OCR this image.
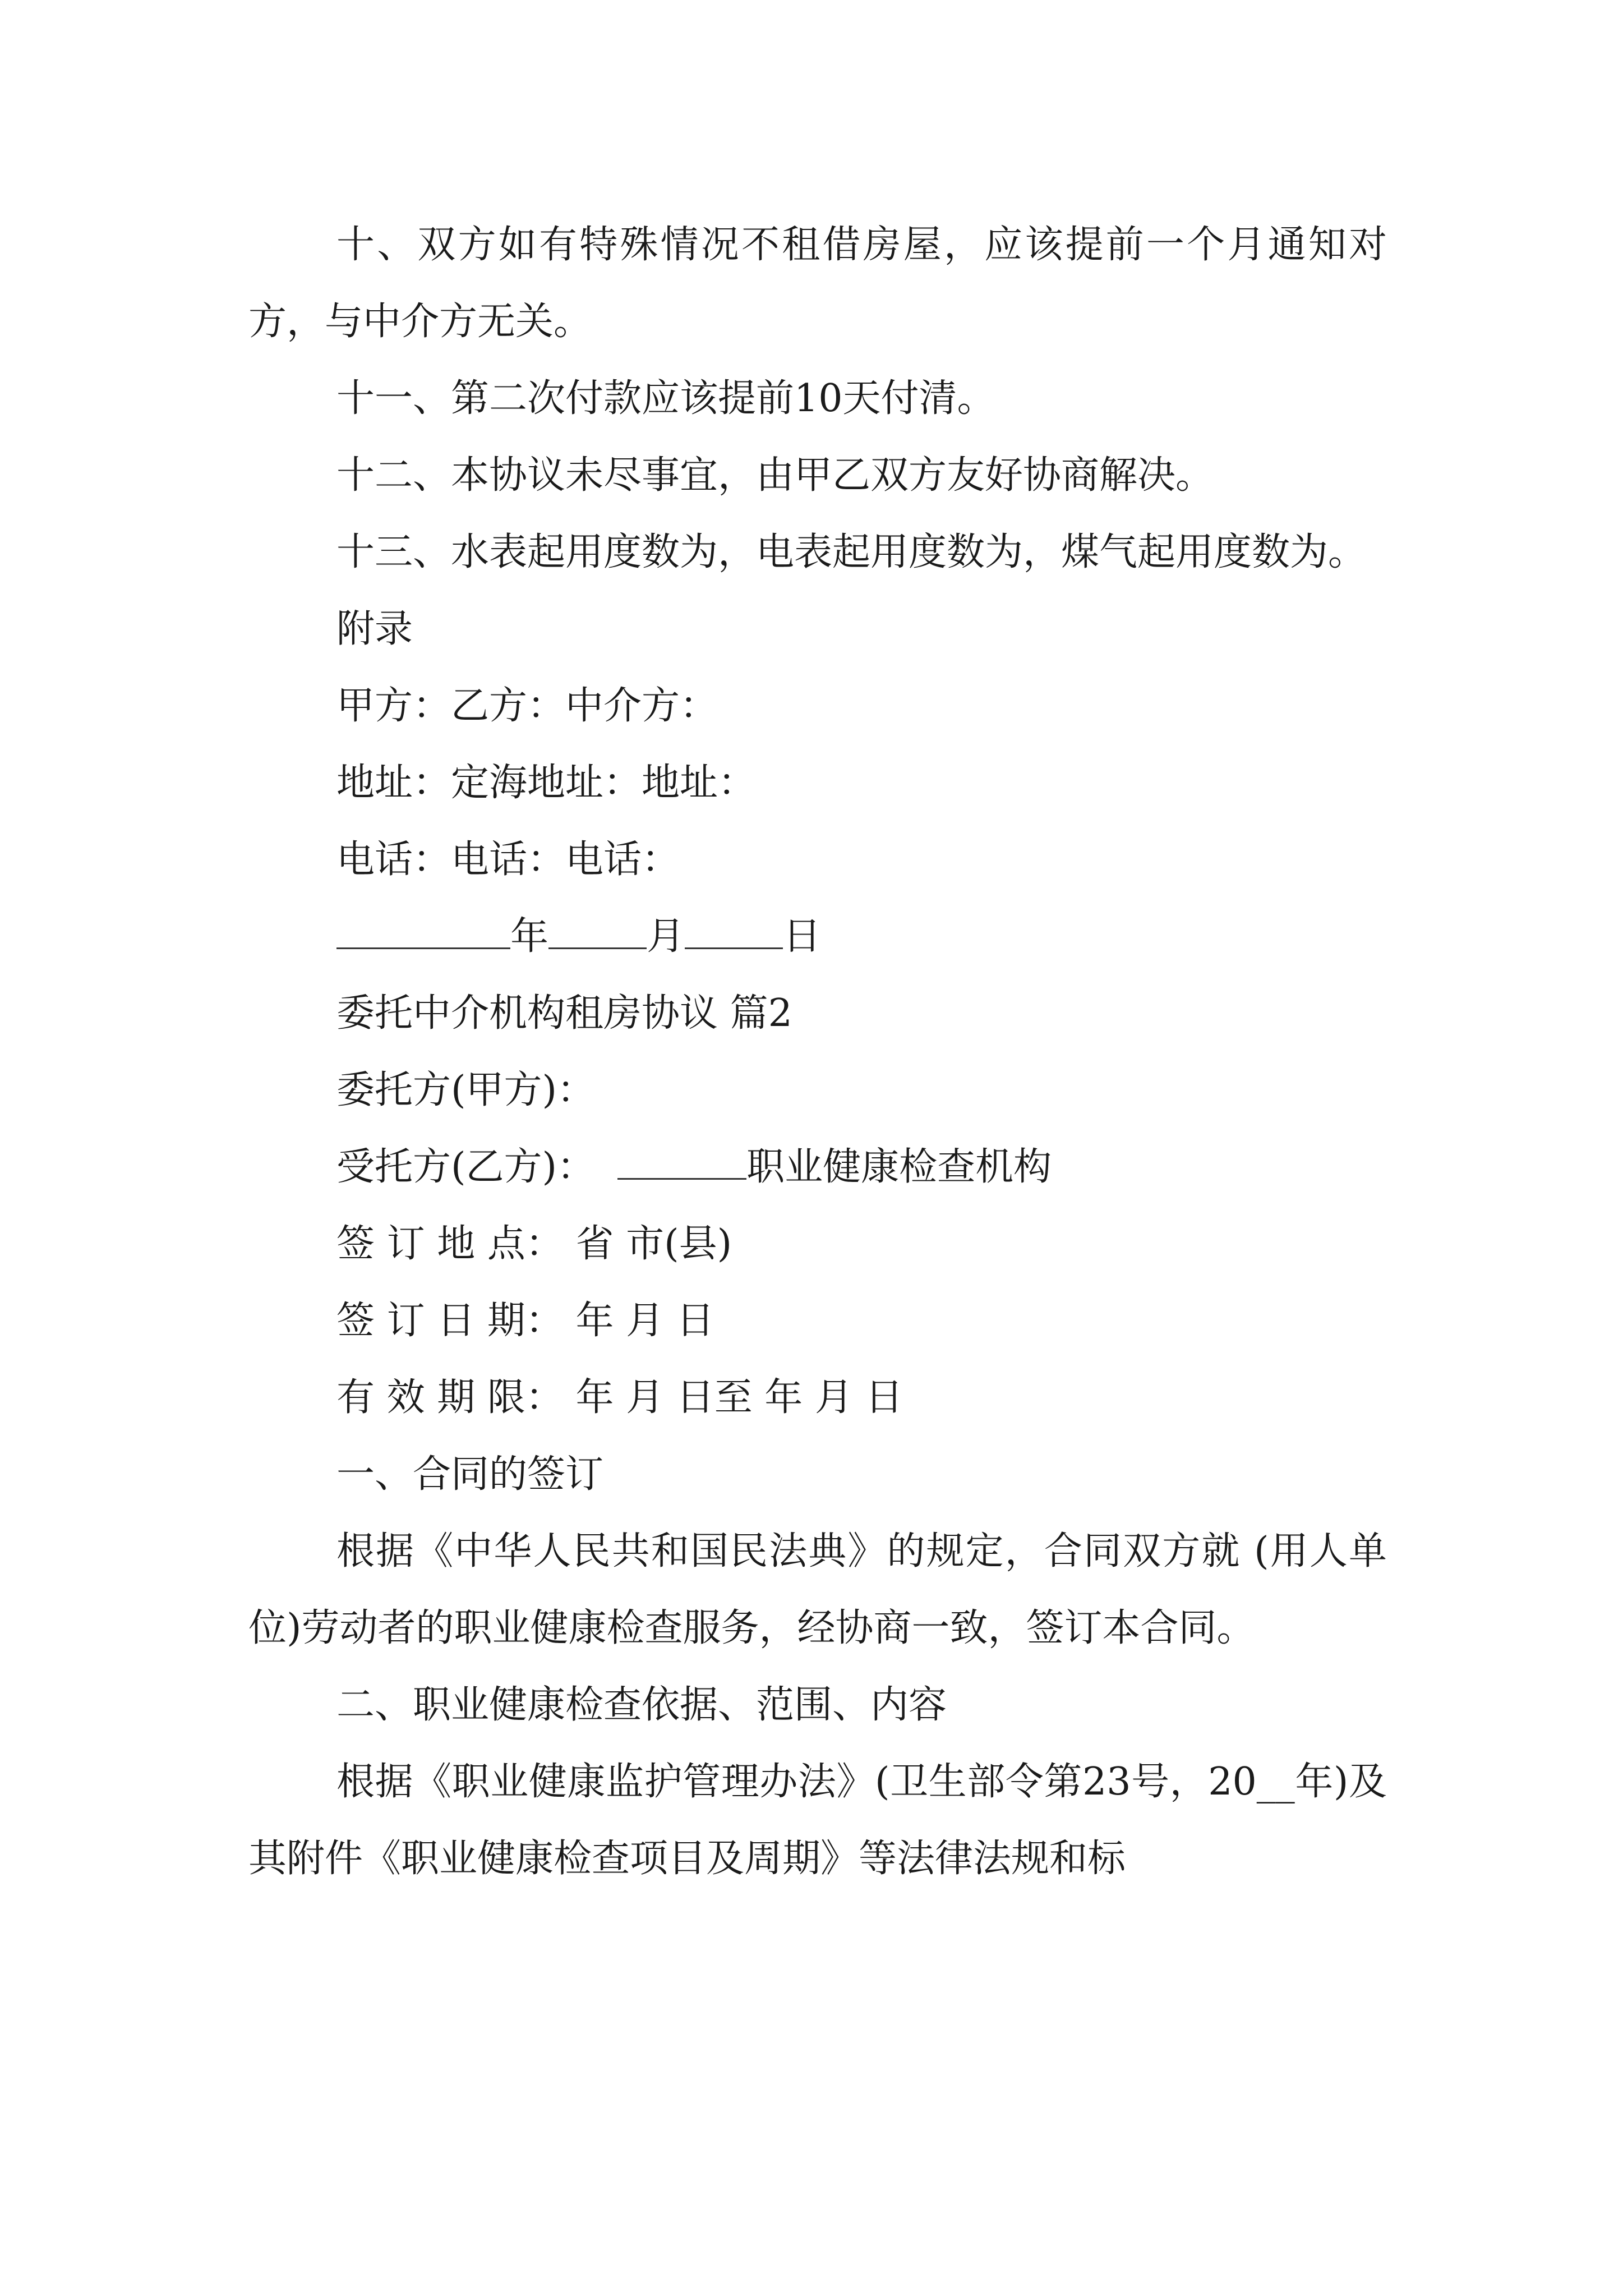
十、双方如有特殊情况不租借房屋，应该提前一个月通知对方，与中介方无关。

十一、第二次付款应该提前10天付清。

十二、本协议未尽事宜，由甲乙双方友好协商解决。

十三、水表起用度数为，电表起用度数为，煤气起用度数为。

附录

甲方：乙方：中介方：

地址：定海地址：地址：

电话：电话：电话：

年	月	日

委托中介机构租房协议 篇2

委托方(甲方)：

受托方(乙方)：	职业健康检查机构

签 订 地 点： 省 市(县)

签 订 日 期： 年 月 日

有 效 期 限： 年 月 日至 年 月 日

一、合同的签订

根据《中华人民共和国民法典》的规定，合同双方就 (用人单位)劳动者的职业健康检查服务，经协商一致，签订本合同。

二、职业健康检查依据、范围、内容

根据《职业健康监护管理办法》(卫生部令第23号，20__年)及其附件《职业健康检查项目及周期》等法律法规和标
